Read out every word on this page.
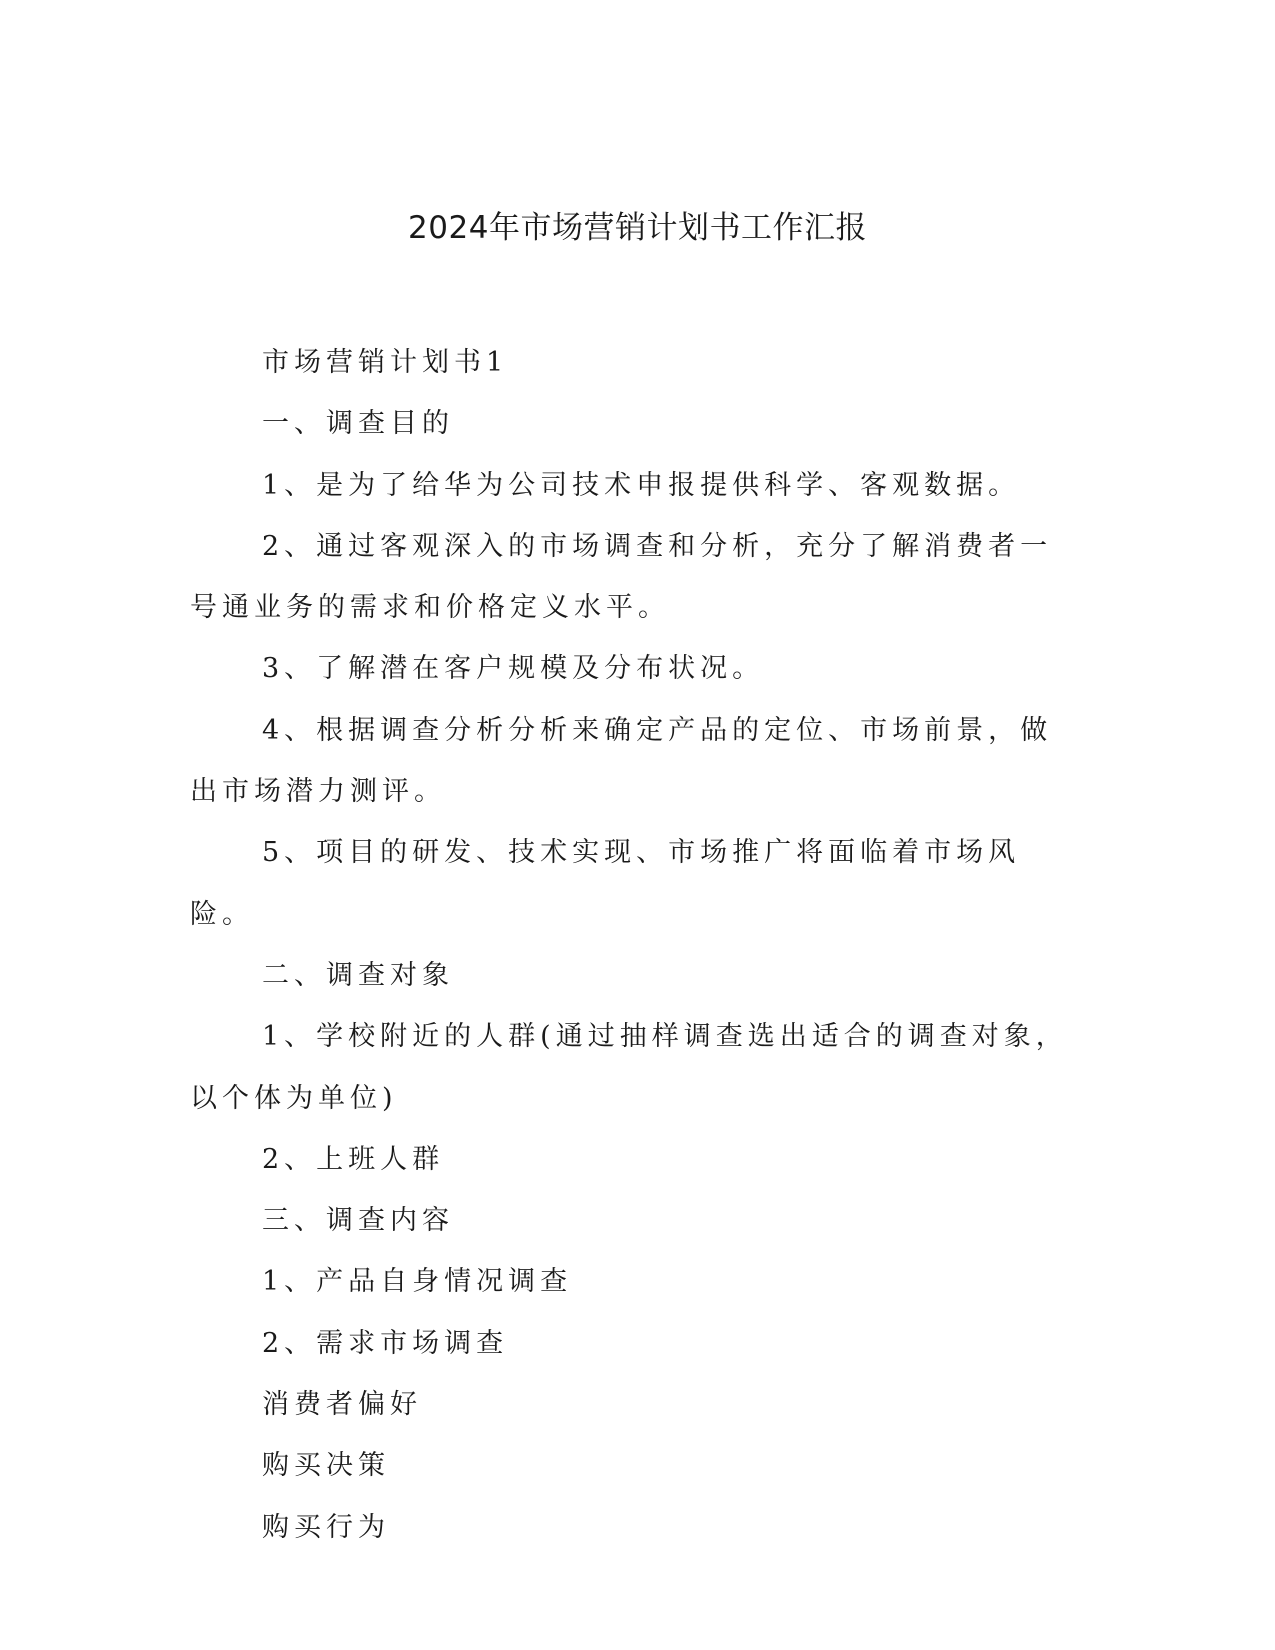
2024年市场营销计划书工作汇报

市场营销计划书1

一、调查目的

1、是为了给华为公司技术申报提供科学、客观数据。

2、通过客观深入的市场调查和分析，充分了解消费者一号通业务的需求和价格定义水平。

3、了解潜在客户规模及分布状况。

4、根据调查分析分析来确定产品的定位、市场前景，做出市场潜力测评。

5、项目的研发、技术实现、市场推广将面临着市场风险。

二、调查对象

1、学校附近的人群(通过抽样调查选出适合的调查对象，以个体为单位)

2、上班人群

三、调查内容

1、产品自身情况调查

2、需求市场调查

消费者偏好

购买决策

购买行为
